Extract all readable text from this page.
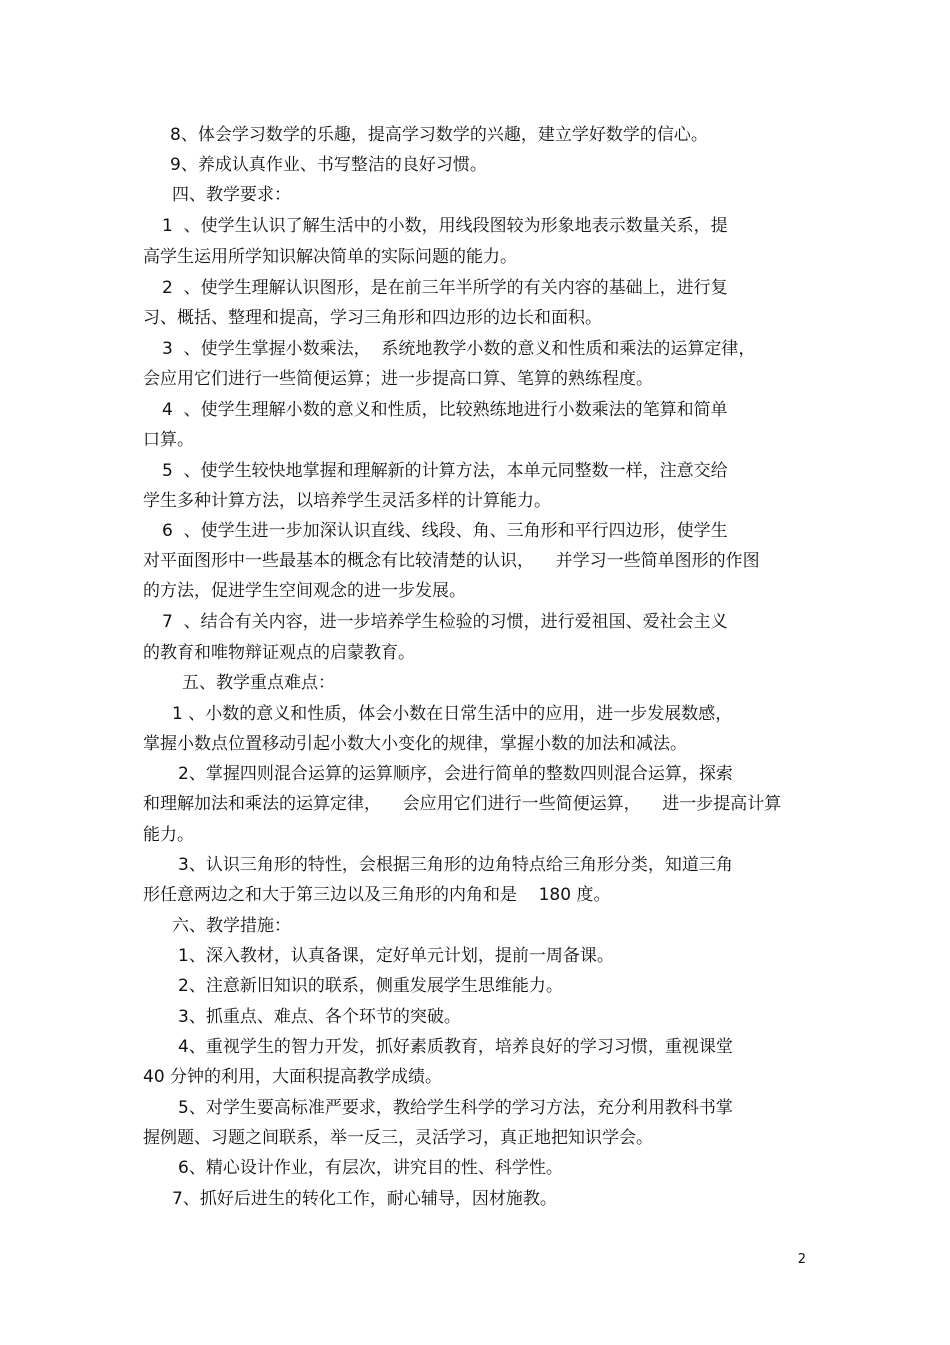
8、体会学习数学的乐趣，提高学习数学的兴趣，建立学好数学的信心。
9、养成认真作业、书写整洁的良好习惯。
四、教学要求：
1  、使学生认识了解生活中的小数，用线段图较为形象地表示数量关系，提
高学生运用所学知识解决简单的实际问题的能力。
2  、使学生理解认识图形，是在前三年半所学的有关内容的基础上，进行复
习、概括、整理和提高，学习三角形和四边形的边长和面积。
3  、使学生掌握小数乘法，  系统地教学小数的意义和性质和乘法的运算定律，
会应用它们进行一些简便运算；进一步提高口算、笔算的熟练程度。
4  、使学生理解小数的意义和性质，比较熟练地进行小数乘法的笔算和简单
口算。
5  、使学生较快地掌握和理解新的计算方法，本单元同整数一样，注意交给
学生多种计算方法，以培养学生灵活多样的计算能力。
6  、使学生进一步加深认识直线、线段、角、三角形和平行四边形，使学生
对平面图形中一些最基本的概念有比较清楚的认识，    并学习一些简单图形的作图
的方法，促进学生空间观念的进一步发展。
7  、结合有关内容，进一步培养学生检验的习惯，进行爱祖国、爱社会主义
的教育和唯物辩证观点的启蒙教育。
五、教学重点难点：
1 、小数的意义和性质，体会小数在日常生活中的应用，进一步发展数感，
掌握小数点位置移动引起小数大小变化的规律，掌握小数的加法和减法。
2、掌握四则混合运算的运算顺序，会进行简单的整数四则混合运算，探索
和理解加法和乘法的运算定律，    会应用它们进行一些简便运算，    进一步提高计算
能力。
3、认识三角形的特性，会根据三角形的边角特点给三角形分类，知道三角
形任意两边之和大于第三边以及三角形的内角和是    180 度。
六、教学措施：
1、深入教材，认真备课，定好单元计划，提前一周备课。
2、注意新旧知识的联系，侧重发展学生思维能力。
3、抓重点、难点、各个环节的突破。
4、重视学生的智力开发，抓好素质教育，培养良好的学习习惯，重视课堂
40 分钟的利用，大面积提高教学成绩。
5、对学生要高标准严要求，教给学生科学的学习方法，充分利用教科书掌
握例题、习题之间联系，举一反三，灵活学习，真正地把知识学会。
6、精心设计作业，有层次，讲究目的性、科学性。
7、抓好后进生的转化工作，耐心辅导，因材施教。
2
